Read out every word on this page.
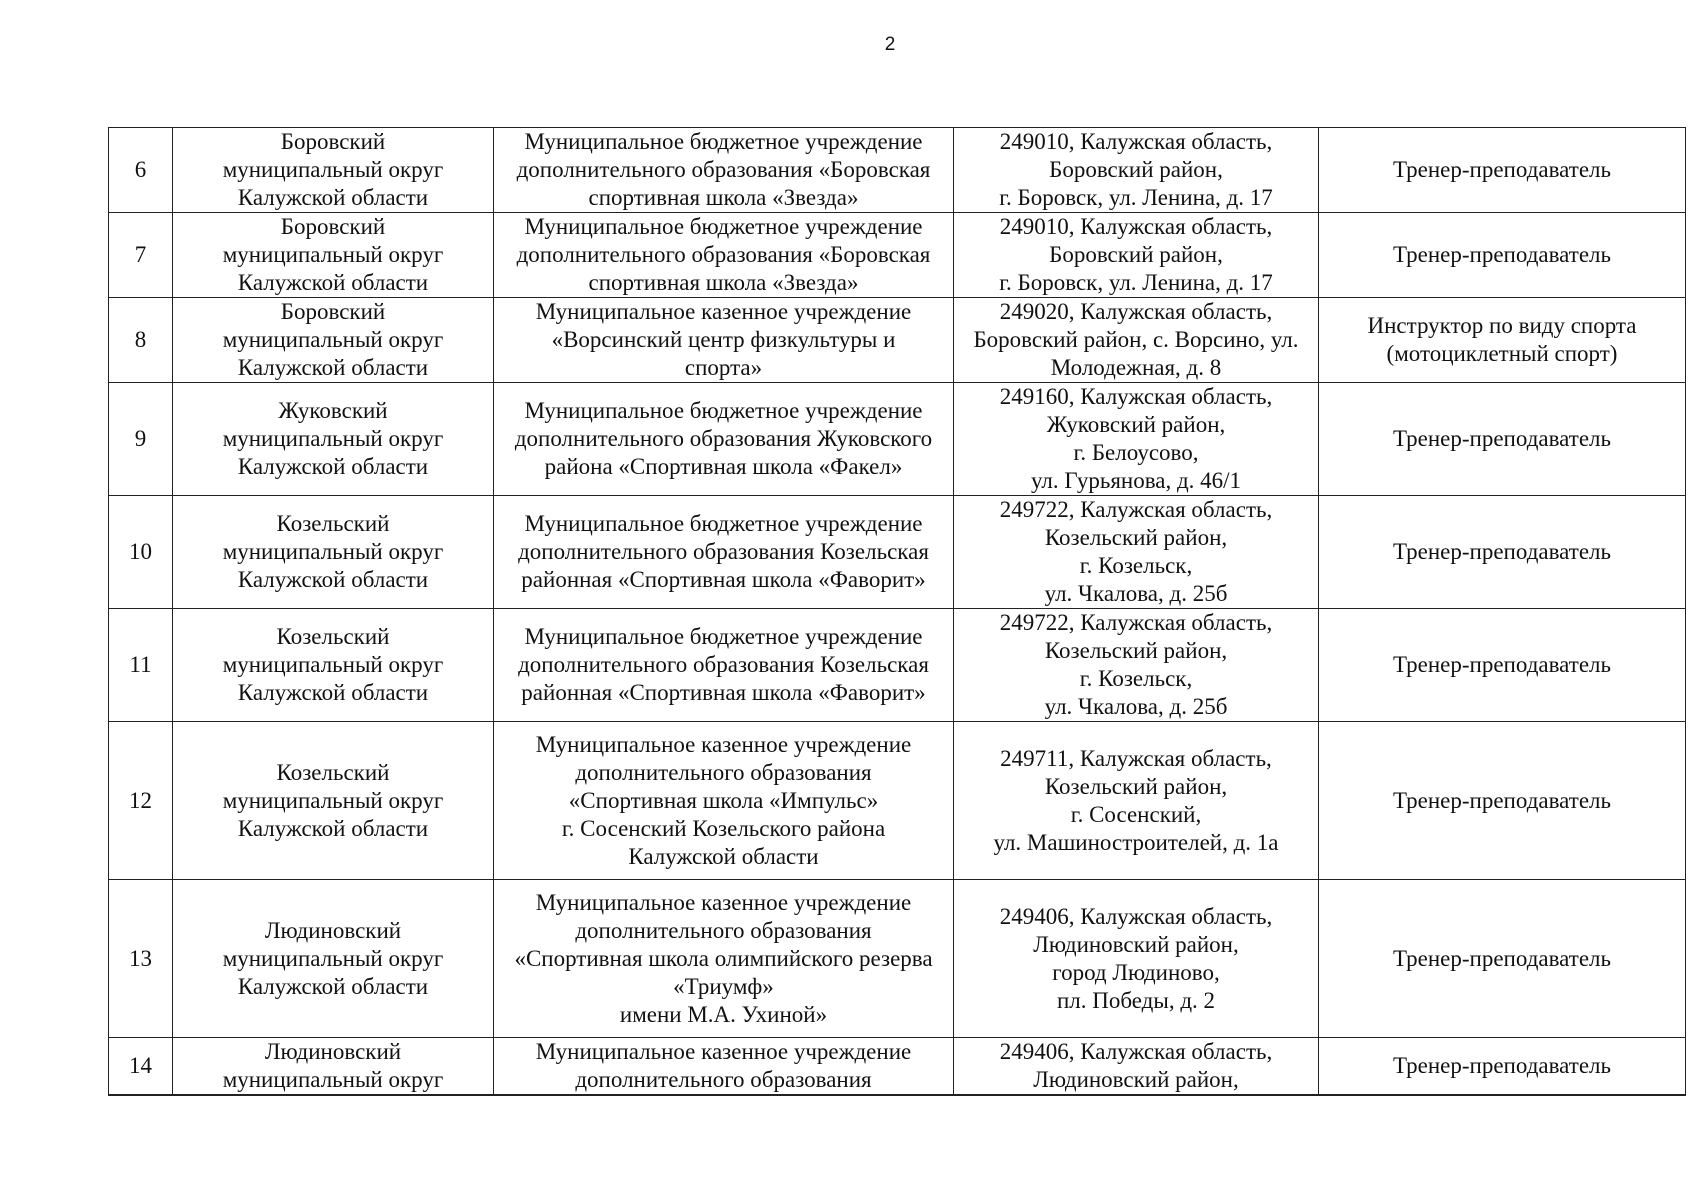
2
6	Боровский
муниципальный округ
Калужской области	Муниципальное бюджетное учреждение
дополнительного образования «Боровская
спортивная школа «Звезда»	249010, Калужская область,
Боровский район,
г. Боровск, ул. Ленина, д. 17	Тренер-преподаватель
7	Боровский
муниципальный округ
Калужской области	Муниципальное бюджетное учреждение
дополнительного образования «Боровская
спортивная школа «Звезда»	249010, Калужская область,
Боровский район,
г. Боровск, ул. Ленина, д. 17	Тренер-преподаватель
8	Боровский
муниципальный округ
Калужской области	Муниципальное казенное учреждение
«Ворсинский центр физкультуры и
спорта»	249020, Калужская область,
Боровский район, с. Ворсино, ул.
Молодежная, д. 8	Инструктор по виду спорта
(мотоциклетный спорт)
9	Жуковский
муниципальный округ
Калужской области	Муниципальное бюджетное учреждение
дополнительного образования Жуковского
района «Спортивная школа «Факел»	249160, Калужская область,
Жуковский район,
г. Белоусово,
ул. Гурьянова, д. 46/1	Тренер-преподаватель
10	Козельский
муниципальный округ
Калужской области	Муниципальное бюджетное учреждение
дополнительного образования Козельская
районная «Спортивная школа «Фаворит»	249722, Калужская область,
Козельский район,
г. Козельск,
ул. Чкалова, д. 25б	Тренер-преподаватель
11	Козельский
муниципальный округ
Калужской области	Муниципальное бюджетное учреждение
дополнительного образования Козельская
районная «Спортивная школа «Фаворит»	249722, Калужская область,
Козельский район,
г. Козельск,
ул. Чкалова, д. 25б	Тренер-преподаватель
12	Козельский
муниципальный округ
Калужской области	Муниципальное казенное учреждение
дополнительного образования
«Спортивная школа «Импульс»
г. Сосенский Козельского района
Калужской области	249711, Калужская область,
Козельский район,
г. Сосенский,
ул. Машиностроителей, д. 1а	Тренер-преподаватель
13	Людиновский
муниципальный округ
Калужской области	Муниципальное казенное учреждение
дополнительного образования
«Спортивная школа олимпийского резерва
«Триумф»
имени М.А. Ухиной»	249406, Калужская область,
Людиновский район,
город Людиново,
пл. Победы, д. 2	Тренер-преподаватель
14	Людиновский
муниципальный округ	Муниципальное казенное учреждение
дополнительного образования	249406, Калужская область,
Людиновский район,	Тренер-преподаватель
